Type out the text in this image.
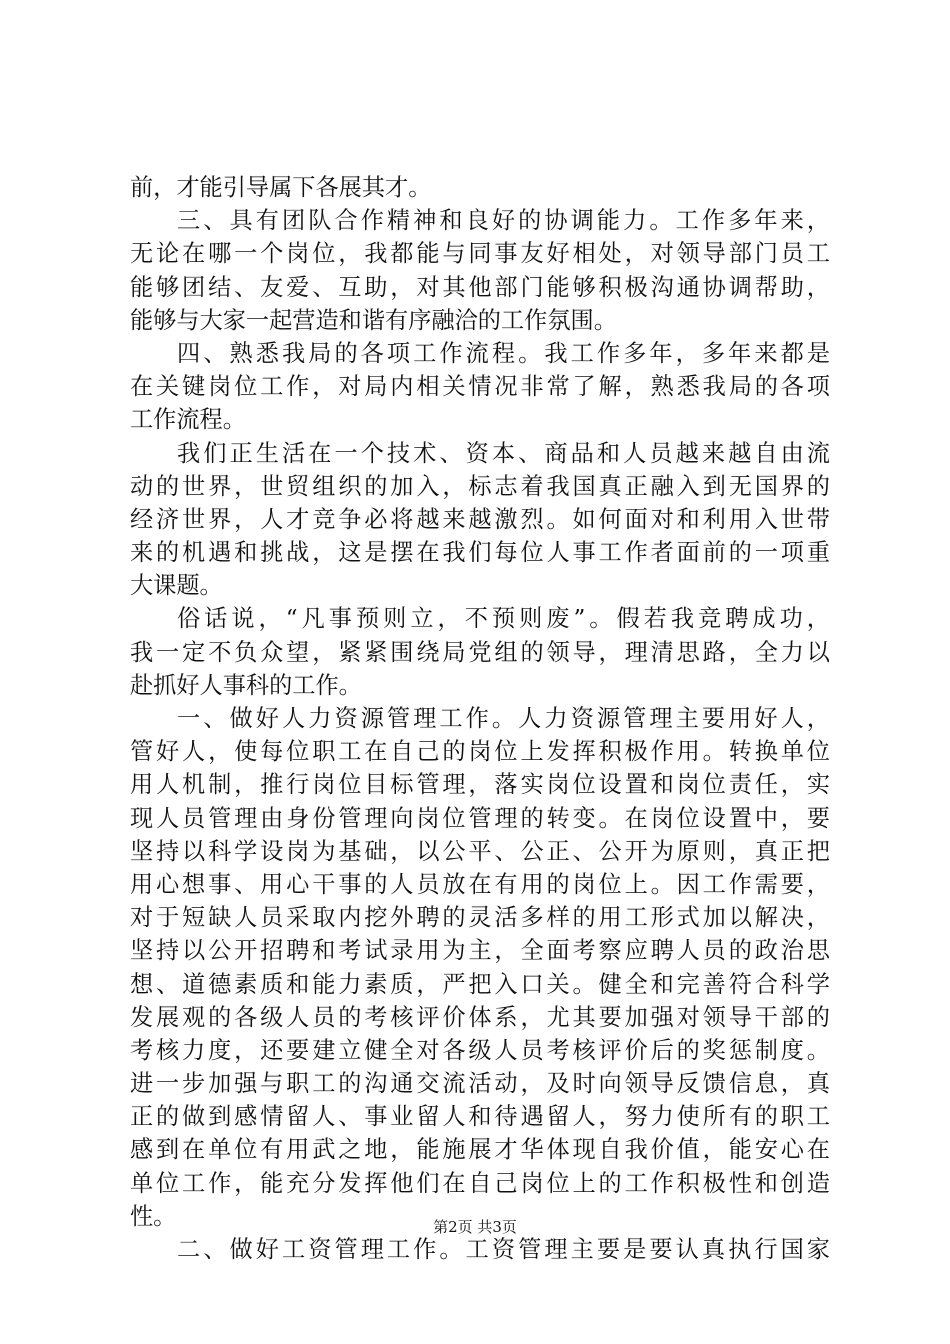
前，才能引导属下各展其才。
三、具有团队合作精神和良好的协调能力。工作多年来，
无论在哪一个岗位，我都能与同事友好相处，对领导部门员工
能够团结、友爱、互助，对其他部门能够积极沟通协调帮助，
能够与大家一起营造和谐有序融洽的工作氛围。
四、熟悉我局的各项工作流程。我工作多年，多年来都是
在关键岗位工作，对局内相关情况非常了解，熟悉我局的各项
工作流程。
我们正生活在一个技术、资本、商品和人员越来越自由流
动的世界，世贸组织的加入，标志着我国真正融入到无国界的
经济世界，人才竞争必将越来越激烈。如何面对和利用入世带
来的机遇和挑战，这是摆在我们每位人事工作者面前的一项重
大课题。
俗话说，“凡事预则立，不预则废”。假若我竞聘成功，
我一定不负众望，紧紧围绕局党组的领导，理清思路，全力以
赴抓好人事科的工作。
一、做好人力资源管理工作。人力资源管理主要用好人，
管好人，使每位职工在自己的岗位上发挥积极作用。转换单位
用人机制，推行岗位目标管理，落实岗位设置和岗位责任，实
现人员管理由身份管理向岗位管理的转变。在岗位设置中，要
坚持以科学设岗为基础，以公平、公正、公开为原则，真正把
用心想事、用心干事的人员放在有用的岗位上。因工作需要，
对于短缺人员采取内挖外聘的灵活多样的用工形式加以解决，
坚持以公开招聘和考试录用为主，全面考察应聘人员的政治思
想、道德素质和能力素质，严把入口关。健全和完善符合科学
发展观的各级人员的考核评价体系，尤其要加强对领导干部的
考核力度，还要建立健全对各级人员考核评价后的奖惩制度。
进一步加强与职工的沟通交流活动，及时向领导反馈信息，真
正的做到感情留人、事业留人和待遇留人，努力使所有的职工
感到在单位有用武之地，能施展才华体现自我价值，能安心在
单位工作，能充分发挥他们在自己岗位上的工作积极性和创造
性。
二、做好工资管理工作。工资管理主要是要认真执行国家
第2页 共3页
